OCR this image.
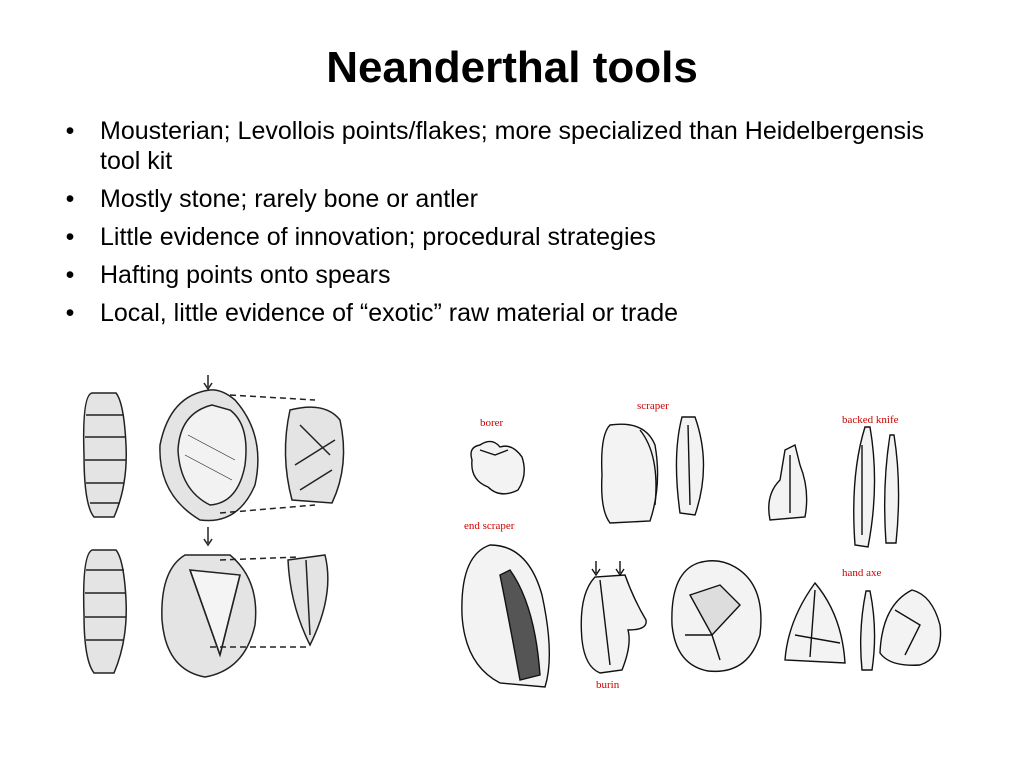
Neanderthal tools
• Mousterian; Levollois points/flakes; more specialized than Heidelbergensis tool kit
• Mostly stone; rarely bone or antler
• Little evidence of innovation; procedural strategies
• Hafting points onto spears
• Local, little evidence of “exotic” raw material or trade
borer
scraper
backed knife
end scraper
hand axe
burin
